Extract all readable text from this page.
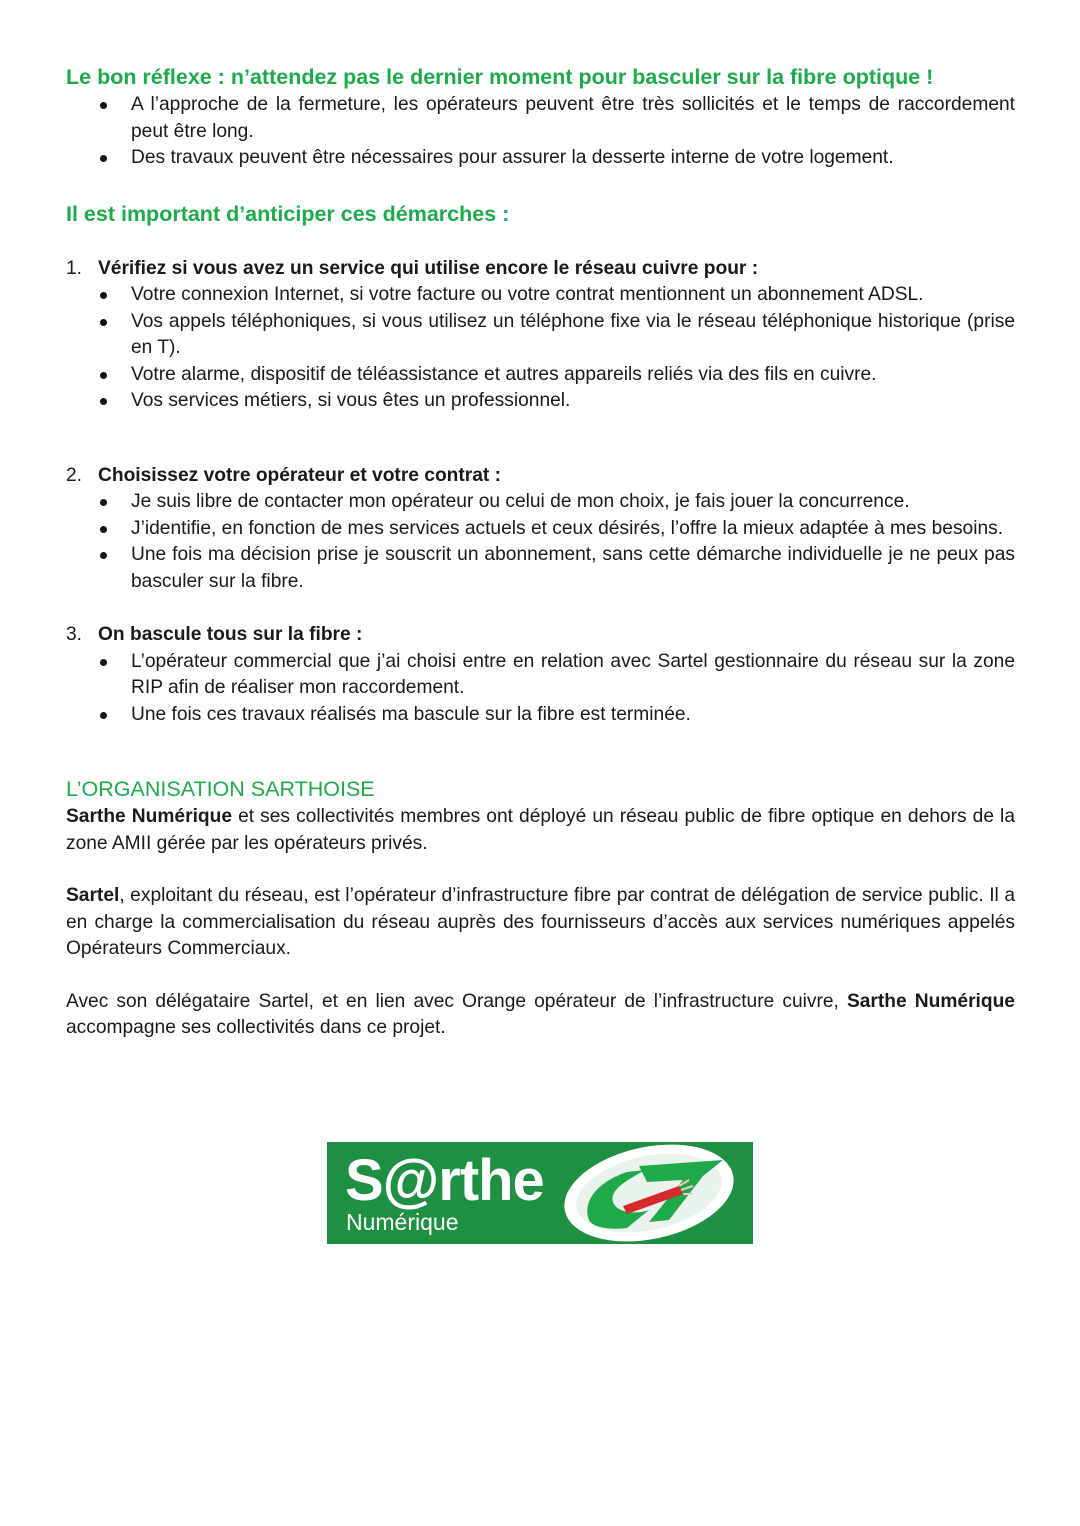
Le bon réflexe : n’attendez pas le dernier moment pour basculer sur la fibre optique !
A l’approche de la fermeture, les opérateurs peuvent être très sollicités et le temps de raccordement peut être long.
Des travaux peuvent être nécessaires pour assurer la desserte interne de votre logement.
Il est important d’anticiper ces démarches :
1. Vérifiez si vous avez un service qui utilise encore le réseau cuivre pour :
Votre connexion Internet, si votre facture ou votre contrat mentionnent un abonnement ADSL.
Vos appels téléphoniques, si vous utilisez un téléphone fixe via le réseau téléphonique historique (prise en T).
Votre alarme, dispositif de téléassistance et autres appareils reliés via des fils en cuivre.
Vos services métiers, si vous êtes un professionnel.
2. Choisissez votre opérateur et votre contrat :
Je suis libre de contacter mon opérateur ou celui de mon choix, je fais jouer la concurrence.
J’identifie, en fonction de mes services actuels et ceux désirés, l’offre la mieux adaptée à mes besoins.
Une fois ma décision prise je souscrit un abonnement, sans cette démarche individuelle je ne peux pas basculer sur la fibre.
3. On bascule tous sur la fibre :
L’opérateur commercial que j’ai choisi entre en relation avec Sartel gestionnaire du réseau sur la zone RIP afin de réaliser mon raccordement.
Une fois ces travaux réalisés ma bascule sur la fibre est terminée.
L’ORGANISATION SARTHOISE

Sarthe Numérique et ses collectivités membres ont déployé un réseau public de fibre optique en dehors de la zone AMII gérée par les opérateurs privés.

Sartel, exploitant du réseau, est l’opérateur d’infrastructure fibre par contrat de délégation de service public. Il a en charge la commercialisation du réseau auprès des fournisseurs d’accès aux services numériques appelés Opérateurs Commerciaux.

Avec son délégataire Sartel, et en lien avec Orange opérateur de l’infrastructure cuivre, Sarthe Numérique accompagne ses collectivités dans ce projet.

S@rthe
Numérique
